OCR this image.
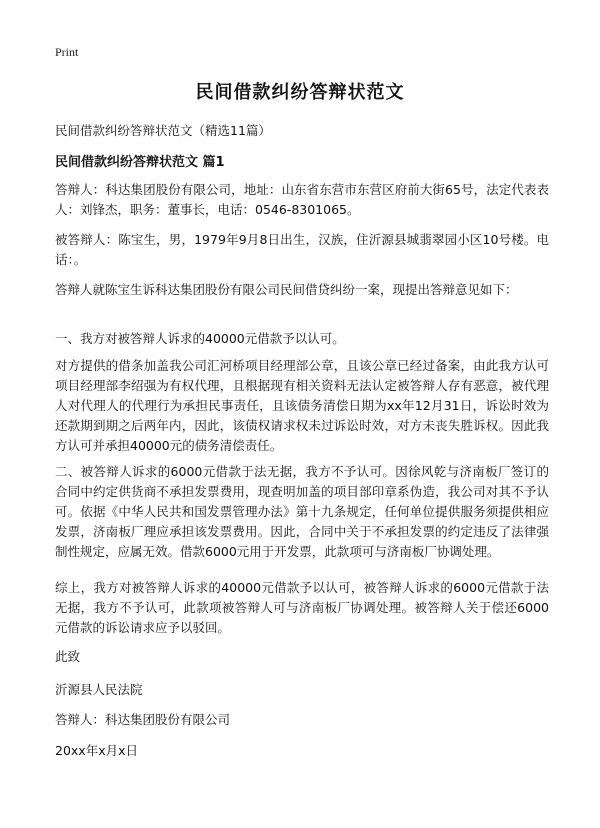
Print
民间借款纠纷答辩状范文

民间借款纠纷答辩状范文（精选11篇）

民间借款纠纷答辩状范文 篇1

答辩人：科达集团股份有限公司，地址：山东省东营市东营区府前大街65号，法定代表表人：刘锋杰，职务：董事长，电话：0546-8301065。

被答辩人：陈宝生，男，1979年9月8日出生，汉族，住沂源县城翡翠园小区10号楼。电话：。

答辩人就陈宝生诉科达集团股份有限公司民间借贷纠纷一案，现提出答辩意见如下：

一、我方对被答辩人诉求的40000元借款予以认可。

对方提供的借条加盖我公司汇河桥项目经理部公章，且该公章已经过备案，由此我方认可项目经理部李绍强为有权代理，且根据现有相关资料无法认定被答辩人存有恶意，被代理人对代理人的代理行为承担民事责任，且该债务清偿日期为xx年12月31日，诉讼时效为还款期到期之后两年内，因此，该债权请求权未过诉讼时效，对方未丧失胜诉权。因此我方认可并承担40000元的债务清偿责任。

二、被答辩人诉求的6000元借款于法无据，我方不予认可。因徐风乾与济南板厂签订的合同中约定供货商不承担发票费用，现查明加盖的项目部印章系伪造，我公司对其不予认可。依据《中华人民共和国发票管理办法》第十九条规定，任何单位提供服务须提供相应发票，济南板厂理应承担该发票费用。因此，合同中关于不承担发票的约定违反了法律强制性规定，应属无效。借款6000元用于开发票，此款项可与济南板厂协调处理。

综上，我方对被答辩人诉求的40000元借款予以认可，被答辩人诉求的6000元借款于法无据，我方不予认可，此款项被答辩人可与济南板厂协调处理。被答辩人关于偿还6000元借款的诉讼请求应予以驳回。

此致

沂源县人民法院

答辩人：科达集团股份有限公司

20xx年x月x日
